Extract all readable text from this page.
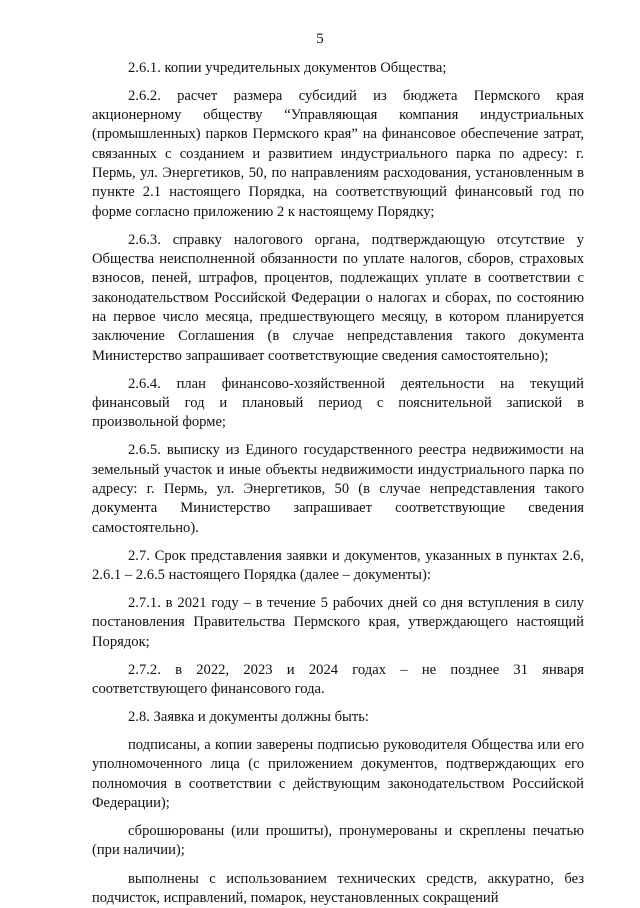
5

2.6.1. копии учредительных документов Общества;

2.6.2. расчет размера субсидий из бюджета Пермского края акционерному обществу “Управляющая компания индустриальных (промышленных) парков Пермского края” на финансовое обеспечение затрат, связанных с созданием и развитием индустриального парка по адресу: г. Пермь, ул. Энергетиков, 50, по направлениям расходования, установленным в пункте 2.1 настоящего Порядка, на соответствующий финансовый год по форме согласно приложению 2 к настоящему Порядку;

2.6.3. справку налогового органа, подтверждающую отсутствие у Общества неисполненной обязанности по уплате налогов, сборов, страховых взносов, пеней, штрафов, процентов, подлежащих уплате в соответствии с законодательством Российской Федерации о налогах и сборах, по состоянию на первое число месяца, предшествующего месяцу, в котором планируется заключение Соглашения (в случае непредставления такого документа Министерство запрашивает соответствующие сведения самостоятельно);

2.6.4. план финансово-хозяйственной деятельности на текущий финансовый год и плановый период с пояснительной запиской в произвольной форме;

2.6.5. выписку из Единого государственного реестра недвижимости на земельный участок и иные объекты недвижимости индустриального парка по адресу: г. Пермь, ул. Энергетиков, 50 (в случае непредставления такого документа Министерство запрашивает соответствующие сведения самостоятельно).

2.7. Срок представления заявки и документов, указанных в пунктах 2.6, 2.6.1 – 2.6.5 настоящего Порядка (далее – документы):

2.7.1. в 2021 году – в течение 5 рабочих дней со дня вступления в силу постановления Правительства Пермского края, утверждающего настоящий Порядок;

2.7.2. в 2022, 2023 и 2024 годах – не позднее 31 января соответствующего финансового года.

2.8. Заявка и документы должны быть:

подписаны, а копии заверены подписью руководителя Общества или его уполномоченного лица (с приложением документов, подтверждающих его полномочия в соответствии с действующим законодательством Российской Федерации);

сброшюрованы (или прошиты), пронумерованы и скреплены печатью (при наличии);

выполнены с использованием технических средств, аккуратно, без подчисток, исправлений, помарок, неустановленных сокращений
